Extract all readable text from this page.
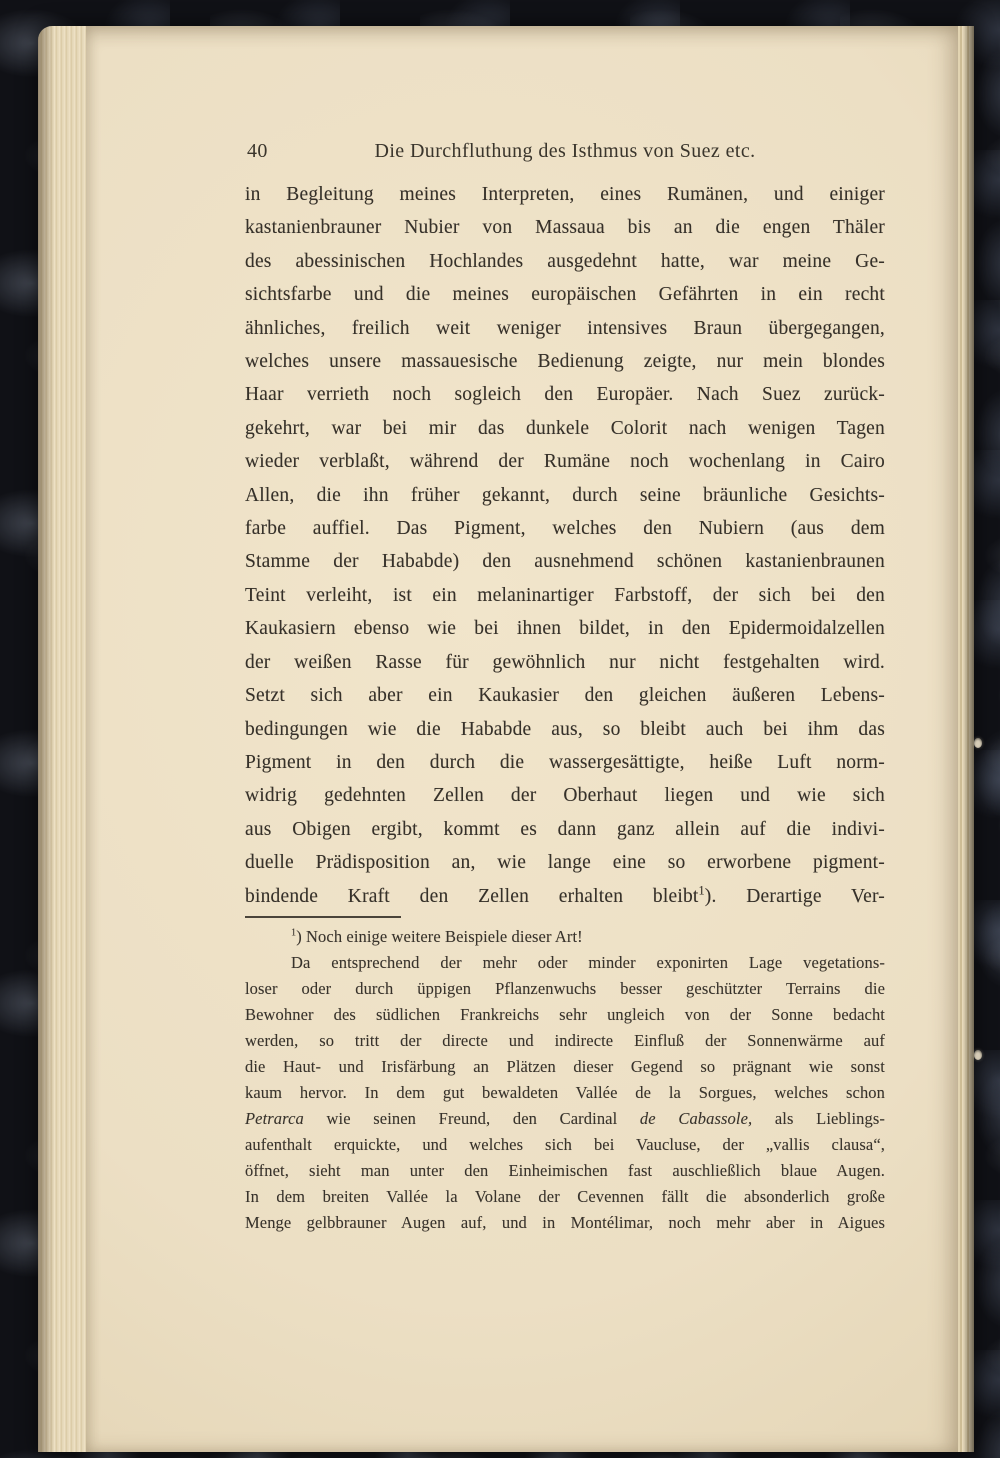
40	Die Durchfluthung des Isthmus von Suez etc.
in Begleitung meines Interpreten, eines Rumänen, und einiger
kastanienbrauner Nubier von Massaua bis an die engen Thäler
des abessinischen Hochlandes ausgedehnt hatte, war meine Ge-
sichtsfarbe und die meines europäischen Gefährten in ein recht
ähnliches, freilich weit weniger intensives Braun übergegangen,
welches unsere massauesische Bedienung zeigte, nur mein blondes
Haar verrieth noch sogleich den Europäer. Nach Suez zurück-
gekehrt, war bei mir das dunkele Colorit nach wenigen Tagen
wieder verblaßt, während der Rumäne noch wochenlang in Cairo
Allen, die ihn früher gekannt, durch seine bräunliche Gesichts-
farbe auffiel. Das Pigment, welches den Nubiern (aus dem
Stamme der Hababde) den ausnehmend schönen kastanienbraunen
Teint verleiht, ist ein melaninartiger Farbstoff, der sich bei den
Kaukasiern ebenso wie bei ihnen bildet, in den Epidermoidalzellen
der weißen Rasse für gewöhnlich nur nicht festgehalten wird.
Setzt sich aber ein Kaukasier den gleichen äußeren Lebens-
bedingungen wie die Hababde aus, so bleibt auch bei ihm das
Pigment in den durch die wassergesättigte, heiße Luft norm-
widrig gedehnten Zellen der Oberhaut liegen und wie sich
aus Obigen ergibt, kommt es dann ganz allein auf die indivi-
duelle Prädisposition an, wie lange eine so erworbene pigment-
bindende Kraft den Zellen erhalten bleibt$^1$). Derartige Ver-
$^1$) Noch einige weitere Beispiele dieser Art!
Da entsprechend der mehr oder minder exponirten Lage vegetations-
loser oder durch üppigen Pflanzenwuchs besser geschützter Terrains die
Bewohner des südlichen Frankreichs sehr ungleich von der Sonne bedacht
werden, so tritt der directe und indirecte Einfluß der Sonnenwärme auf
die Haut- und Irisfärbung an Plätzen dieser Gegend so prägnant wie sonst
kaum hervor. In dem gut bewaldeten Vallée de la Sorgues, welches schon
Petrarca wie seinen Freund, den Cardinal de Cabassole, als Lieblings-
aufenthalt erquickte, und welches sich bei Vaucluse, der „vallis clausa“,
öffnet, sieht man unter den Einheimischen fast auschließlich blaue Augen.
In dem breiten Vallée la Volane der Cevennen fällt die absonderlich große
Menge gelbbrauner Augen auf, und in Montélimar, noch mehr aber in Aigues
